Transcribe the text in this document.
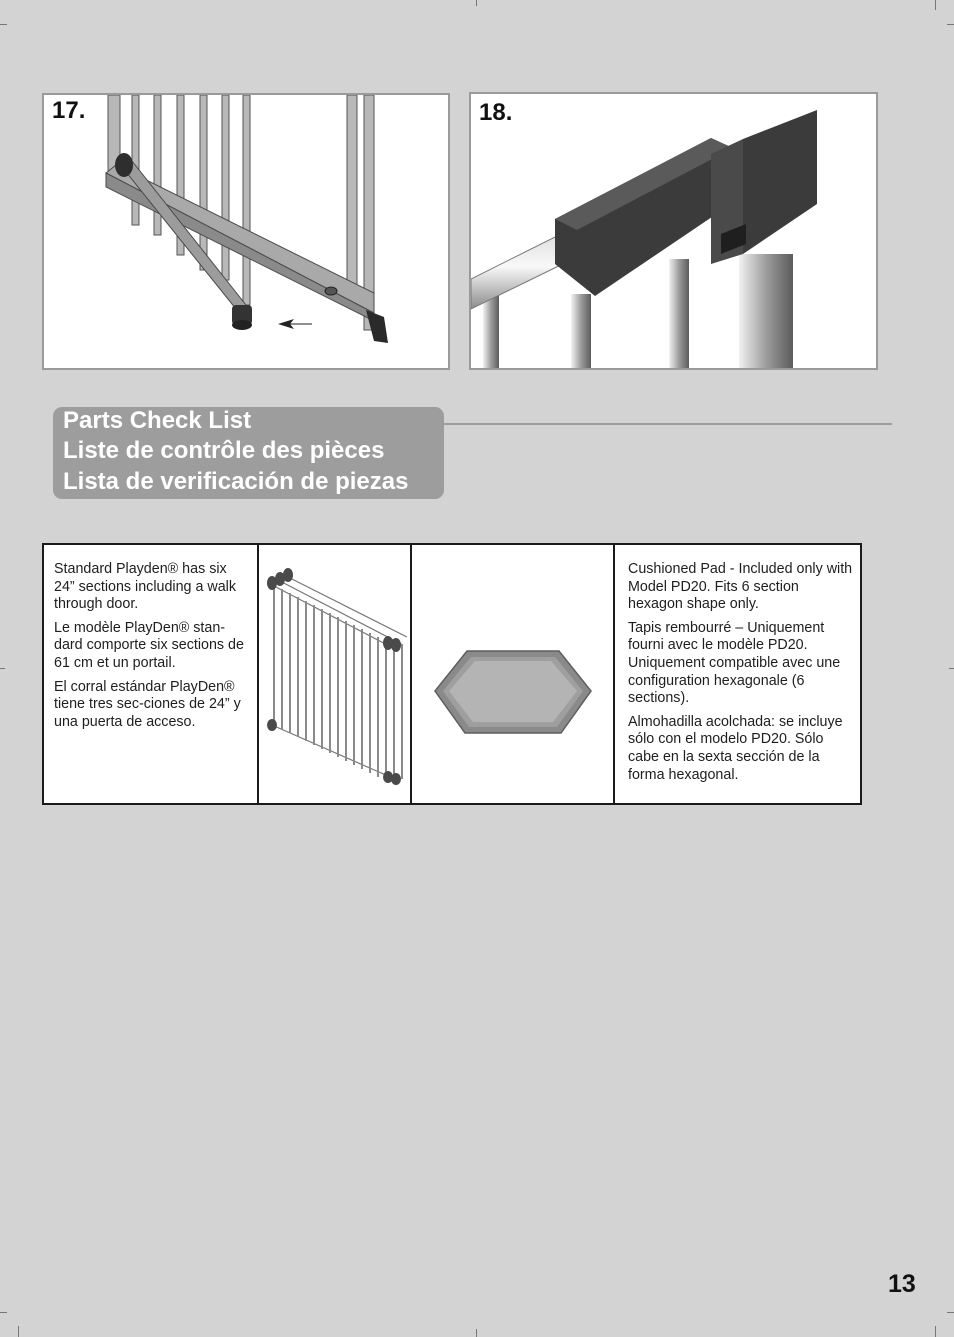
17.	18.
Parts Check List
Liste de contrôle des pièces
Lista de verificación de piezas

Standard Playden® has six 24” sections including a walk through door.

Le modèle PlayDen® stan-dard comporte six sections de 61 cm et un portail.

El corral estándar PlayDen® tiene tres sec-ciones de 24” y una puerta de acceso.

Cushioned Pad - Included only with Model PD20. Fits 6 section hexagon shape only.

Tapis rembourré – Uniquement fourni avec le modèle PD20. Uniquement compatible avec une configuration hexagonale (6 sections).

Almohadilla acolchada: se incluye sólo con el modelo PD20. Sólo cabe en la sexta sección de la forma hexagonal.

13
